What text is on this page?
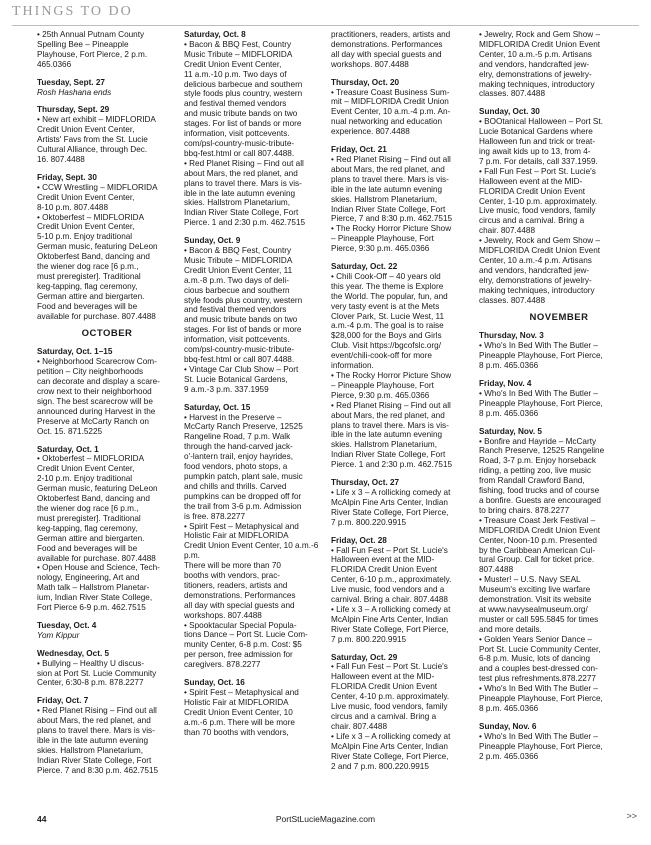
THINGS TO DO
• 25th Annual Putnam County
Spelling Bee – Pineapple
Playhouse, Fort Pierce, 2 p.m.
465.0366
Tuesday, Sept. 27
Rosh Hashana ends
Thursday, Sept. 29
• New art exhibit – MIDFLORIDA
Credit Union Event Center,
Artists' Favs from the St. Lucie
Cultural Alliance, through Dec.
16. 807.4488
Friday, Sept. 30
• CCW Wrestling – MIDFLORIDA
Credit Union Event Center,
8-10 p.m. 807.4488
• Oktoberfest – MIDFLORIDA
Credit Union Event Center,
5-10 p.m. Enjoy traditional
German music, featuring DeLeon
Oktoberfest Band, dancing and
the wiener dog race [6 p.m.,
must preregister]. Traditional
keg-tapping, flag ceremony,
German attire and biergarten.
Food and beverages will be
available for purchase. 807.4488
OCTOBER
Saturday, Oct. 1–15
• Neighborhood Scarecrow Com-
petition – City neighborhoods
can decorate and display a scare-
crow next to their neighborhood
sign. The best scarecrow will be
announced during Harvest in the
Preserve at McCarty Ranch on
Oct. 15. 871.5225
Saturday, Oct. 1
• Oktoberfest – MIDFLORIDA
Credit Union Event Center,
2-10 p.m. Enjoy traditional
German music, featuring DeLeon
Oktoberfest Band, dancing and
the wiener dog race [6 p.m.,
must preregister]. Traditional
keg-tapping, flag ceremony,
German attire and biergarten.
Food and beverages will be
available for purchase. 807.4488
• Open House and Science, Tech-
nology, Engineering, Art and
Math talk – Hallstrom Planetar-
ium, Indian River State College,
Fort Pierce 6-9 p.m. 462.7515
Tuesday, Oct. 4
Yom Kippur
Wednesday, Oct. 5
• Bullying – Healthy U discus-
sion at Port St. Lucie Community
Center, 6:30-8 p.m. 878.2277
Friday, Oct. 7
• Red Planet Rising – Find out all
about Mars, the red planet, and
plans to travel there. Mars is vis-
ible in the late autumn evening
skies. Hallstrom Planetarium,
Indian River State College, Fort
Pierce. 7 and 8:30 p.m. 462.7515
Saturday, Oct. 8
• Bacon & BBQ Fest, Country
Music Tribute – MIDFLORIDA
Credit Union Event Center,
11 a.m.-10 p.m. Two days of
delicious barbecue and southern
style foods plus country, western
and festival themed vendors
and music tribute bands on two
stages. For list of bands or more
information, visit pottcevents.
com/psl-country-music-tribute-
bbq-fest.html or call 807.4488.
• Red Planet Rising – Find out all
about Mars, the red planet, and
plans to travel there. Mars is vis-
ible in the late autumn evening
skies. Hallstrom Planetarium,
Indian River State College, Fort
Pierce. 1 and 2:30 p.m. 462.7515
Sunday, Oct. 9
• Bacon & BBQ Fest, Country
Music Tribute – MIDFLORIDA
Credit Union Event Center, 11
a.m.-8 p.m. Two days of deli-
cious barbecue and southern
style foods plus country, western
and festival themed vendors
and music tribute bands on two
stages. For list of bands or more
information, visit pottcevents.
com/psl-country-music-tribute-
bbq-fest.html or call 807.4488.
• Vintage Car Club Show – Port
St. Lucie Botanical Gardens,
9 a.m.-3 p.m. 337.1959
Saturday, Oct. 15
• Harvest in the Preserve –
McCarty Ranch Preserve, 12525
Rangeline Road, 7 p.m. Walk
through the hand-carved jack-
o'-lantern trail, enjoy hayrides,
food vendors, photo stops, a
pumpkin patch, plant sale, music
and chills and thrills. Carved
pumpkins can be dropped off for
the trail from 3-6 p.m. Admission
is free. 878.2277
• Spirit Fest – Metaphysical and
Holistic Fair at MIDFLORIDA
Credit Union Event Center, 10 a.m.-6 p.m.
There will be more than 70
booths with vendors, prac-
titioners, readers, artists and
demonstrations. Performances
all day with special guests and
workshops. 807.4488
• Spooktacular Special Popula-
tions Dance – Port St. Lucie Com-
munity Center, 6-8 p.m. Cost: $5
per person, free admission for
caregivers. 878.2277
Sunday, Oct. 16
• Spirit Fest – Metaphysical and
Holistic Fair at MIDFLORIDA
Credit Union Event Center, 10
a.m.-6 p.m. There will be more
than 70 booths with vendors,
practitioners, readers, artists and
demonstrations. Performances
all day with special guests and
workshops. 807.4488
Thursday, Oct. 20
• Treasure Coast Business Sum-
mit – MIDFLORIDA Credit Union
Event Center, 10 a.m.-4 p.m. An-
nual networking and education
experience. 807.4488
Friday, Oct. 21
• Red Planet Rising – Find out all
about Mars, the red planet, and
plans to travel there. Mars is vis-
ible in the late autumn evening
skies. Hallstrom Planetarium,
Indian River State College, Fort
Pierce, 7 and 8:30 p.m. 462.7515
• The Rocky Horror Picture Show
– Pineapple Playhouse, Fort
Pierce, 9:30 p.m. 465.0366
Saturday, Oct. 22
• Chili Cook-Off – 40 years old
this year. The theme is Explore
the World. The popular, fun, and
very tasty event is at the Mets
Clover Park, St. Lucie West, 11
a.m.-4 p.m. The goal is to raise
$28,000 for the Boys and Girls
Club. Visit https://bgcofslc.org/
event/chili-cook-off for more
information.
• The Rocky Horror Picture Show
– Pineapple Playhouse, Fort
Pierce, 9:30 p.m. 465.0366
• Red Planet Rising – Find out all
about Mars, the red planet, and
plans to travel there. Mars is vis-
ible in the late autumn evening
skies. Hallstrom Planetarium,
Indian River State College, Fort
Pierce. 1 and 2:30 p.m. 462.7515
Thursday, Oct. 27
• Life x 3 – A rollicking comedy at
McAlpin Fine Arts Center, Indian
River State College, Fort Pierce,
7 p.m. 800.220.9915
Friday, Oct. 28
• Fall Fun Fest – Port St. Lucie's
Halloween event at the MID-
FLORIDA Credit Union Event
Center, 6-10 p.m., approximately.
Live music, food vendors and a
carnival. Bring a chair. 807.4488
• Life x 3 – A rollicking comedy at
McAlpin Fine Arts Center, Indian
River State College, Fort Pierce,
7 p.m. 800.220.9915
Saturday, Oct. 29
• Fall Fun Fest – Port St. Lucie's
Halloween event at the MID-
FLORIDA Credit Union Event
Center, 4-10 p.m. approximately.
Live music, food vendors, family
circus and a carnival. Bring a
chair. 807.4488
• Life x 3 – A rollicking comedy at
McAlpin Fine Arts Center, Indian
River State College, Fort Pierce,
2 and 7 p.m. 800.220.9915
• Jewelry, Rock and Gem Show –
MIDFLORIDA Credit Union Event
Center, 10 a.m.-5 p.m. Artisans
and vendors, handcrafted jew-
elry, demonstrations of jewelry-
making techniques, introductory
classes. 807.4488
Sunday, Oct. 30
• BOOtanical Halloween – Port St.
Lucie Botanical Gardens where
Halloween fun and trick or treat-
ing await kids up to 13, from 4-
7 p.m. For details, call 337.1959.
• Fall Fun Fest – Port St. Lucie's
Halloween event at the MID-
FLORIDA Credit Union Event
Center, 1-10 p.m. approximately.
Live music, food vendors, family
circus and a carnival. Bring a
chair. 807.4488
• Jewelry, Rock and Gem Show –
MIDFLORIDA Credit Union Event
Center, 10 a.m.-4 p.m. Artisans
and vendors, handcrafted jew-
elry, demonstrations of jewelry-
making techniques, introductory
classes. 807.4488
NOVEMBER
Thursday, Nov. 3
• Who's In Bed With The Butler –
Pineapple Playhouse, Fort Pierce,
8 p.m. 465.0366
Friday, Nov. 4
• Who's In Bed With The Butler –
Pineapple Playhouse, Fort Pierce,
8 p.m. 465.0366
Saturday, Nov. 5
• Bonfire and Hayride – McCarty
Ranch Preserve, 12525 Rangeline
Road, 3-7 p.m. Enjoy horseback
riding, a petting zoo, live music
from Randall Crawford Band,
fishing, food trucks and of course
a bonfire. Guests are encouraged
to bring chairs. 878.2277
• Treasure Coast Jerk Festival –
MIDFLORIDA Credit Union Event
Center, Noon-10 p.m. Presented
by the Caribbean American Cul-
tural Group. Call for ticket price.
807.4488
• Muster! – U.S. Navy SEAL
Museum's exciting live warfare
demonstration. Visit its website
at www.navysealmuseum.org/
muster or call 595.5845 for times
and more details.
• Golden Years Senior Dance –
Port St. Lucie Community Center,
6-8 p.m. Music, lots of dancing
and a couples best-dressed con-
test plus refreshments.878.2277
• Who's In Bed With The Butler –
Pineapple Playhouse, Fort Pierce,
8 p.m. 465.0366
Sunday, Nov. 6
• Who's In Bed With The Butler –
Pineapple Playhouse, Fort Pierce,
2 p.m. 465.0366
44	PortStLucieMagazine.com	>>
